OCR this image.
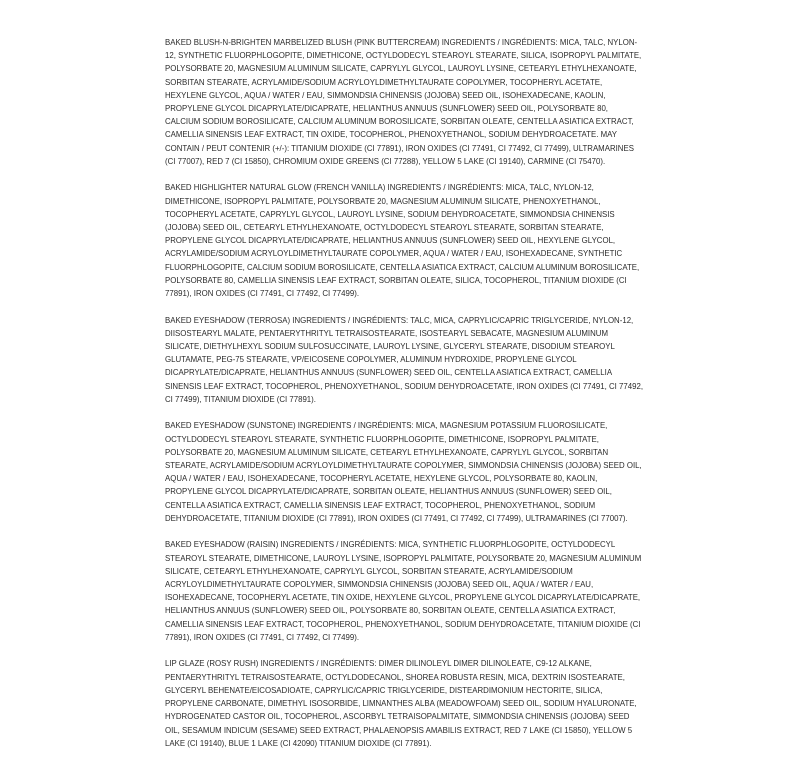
BAKED BLUSH-N-BRIGHTEN MARBELIZED BLUSH (PINK BUTTERCREAM) INGREDIENTS / INGRÉDIENTS: MICA, TALC, NYLON-12, SYNTHETIC FLUORPHLOGOPITE, DIMETHICONE, OCTYLDODECYL STEAROYL STEARATE, SILICA, ISOPROPYL PALMITATE, POLYSORBATE 20, MAGNESIUM ALUMINUM SILICATE, CAPRYLYL GLYCOL, LAUROYL LYSINE, CETEARYL ETHYLHEXANOATE, SORBITAN STEARATE, ACRYLAMIDE/SODIUM ACRYLOYLDIMETHYLTAURATE COPOLYMER, TOCOPHERYL ACETATE, HEXYLENE GLYCOL, AQUA / WATER / EAU, SIMMONDSIA CHINENSIS (JOJOBA) SEED OIL, ISOHEXADECANE, KAOLIN, PROPYLENE GLYCOL DICAPRYLATE/DICAPRATE, HELIANTHUS ANNUUS (SUNFLOWER) SEED OIL, POLYSORBATE 80, CALCIUM SODIUM BOROSILICATE, CALCIUM ALUMINUM BOROSILICATE, SORBITAN OLEATE, CENTELLA ASIATICA EXTRACT, CAMELLIA SINENSIS LEAF EXTRACT, TIN OXIDE, TOCOPHEROL, PHENOXYETHANOL, SODIUM DEHYDROACETATE. MAY CONTAIN / PEUT CONTENIR (+/-): TITANIUM DIOXIDE (CI 77891), IRON OXIDES (CI 77491, CI 77492, CI 77499), ULTRAMARINES (CI 77007), RED 7 (CI 15850), CHROMIUM OXIDE GREENS (CI 77288), YELLOW 5 LAKE (CI 19140), CARMINE (CI 75470).

BAKED HIGHLIGHTER NATURAL GLOW (FRENCH VANILLA) INGREDIENTS / INGRÉDIENTS: MICA, TALC, NYLON-12, DIMETHICONE, ISOPROPYL PALMITATE, POLYSORBATE 20, MAGNESIUM ALUMINUM SILICATE, PHENOXYETHANOL, TOCOPHERYL ACETATE, CAPRYLYL GLYCOL, LAUROYL LYSINE, SODIUM DEHYDROACETATE, SIMMONDSIA CHINENSIS (JOJOBA) SEED OIL, CETEARYL ETHYLHEXANOATE, OCTYLDODECYL STEAROYL STEARATE, SORBITAN STEARATE, PROPYLENE GLYCOL DICAPRYLATE/DICAPRATE, HELIANTHUS ANNUUS (SUNFLOWER) SEED OIL, HEXYLENE GLYCOL, ACRYLAMIDE/SODIUM ACRYLOYLDIMETHYLTAURATE COPOLYMER, AQUA / WATER / EAU, ISOHEXADECANE, SYNTHETIC FLUORPHLOGOPITE, CALCIUM SODIUM BOROSILICATE, CENTELLA ASIATICA EXTRACT, CALCIUM ALUMINUM BOROSILICATE, POLYSORBATE 80, CAMELLIA SINENSIS LEAF EXTRACT, SORBITAN OLEATE, SILICA, TOCOPHEROL, TITANIUM DIOXIDE (CI 77891), IRON OXIDES (CI 77491, CI 77492, CI 77499).

BAKED EYESHADOW (TERROSA) INGREDIENTS / INGRÉDIENTS: TALC, MICA, CAPRYLIC/CAPRIC TRIGLYCERIDE, NYLON-12, DIISOSTEARYL MALATE, PENTAERYTHRITYL TETRAISOSTEARATE, ISOSTEARYL SEBACATE, MAGNESIUM ALUMINUM SILICATE, DIETHYLHEXYL SODIUM SULFOSUCCINATE, LAUROYL LYSINE, GLYCERYL STEARATE, DISODIUM STEAROYL GLUTAMATE, PEG-75 STEARATE, VP/EICOSENE COPOLYMER, ALUMINUM HYDROXIDE, PROPYLENE GLYCOL DICAPRYLATE/DICAPRATE, HELIANTHUS ANNUUS (SUNFLOWER) SEED OIL, CENTELLA ASIATICA EXTRACT, CAMELLIA SINENSIS LEAF EXTRACT, TOCOPHEROL, PHENOXYETHANOL, SODIUM DEHYDROACETATE, IRON OXIDES (CI 77491, CI 77492, CI 77499), TITANIUM DIOXIDE (CI 77891).

BAKED EYESHADOW (SUNSTONE) INGREDIENTS / INGRÉDIENTS: MICA, MAGNESIUM POTASSIUM FLUOROSILICATE, OCTYLDODECYL STEAROYL STEARATE, SYNTHETIC FLUORPHLOGOPITE, DIMETHICONE, ISOPROPYL PALMITATE, POLYSORBATE 20, MAGNESIUM ALUMINUM SILICATE, CETEARYL ETHYLHEXANOATE, CAPRYLYL GLYCOL, SORBITAN STEARATE, ACRYLAMIDE/SODIUM ACRYLOYLDIMETHYLTAURATE COPOLYMER, SIMMONDSIA CHINENSIS (JOJOBA) SEED OIL, AQUA / WATER / EAU, ISOHEXADECANE, TOCOPHERYL ACETATE, HEXYLENE GLYCOL, POLYSORBATE 80, KAOLIN, PROPYLENE GLYCOL DICAPRYLATE/DICAPRATE, SORBITAN OLEATE, HELIANTHUS ANNUUS (SUNFLOWER) SEED OIL, CENTELLA ASIATICA EXTRACT, CAMELLIA SINENSIS LEAF EXTRACT, TOCOPHEROL, PHENOXYETHANOL, SODIUM DEHYDROACETATE, TITANIUM DIOXIDE (CI 77891), IRON OXIDES (CI 77491, CI 77492, CI 77499), ULTRAMARINES (CI 77007).

BAKED EYESHADOW (RAISIN) INGREDIENTS / INGRÉDIENTS: MICA, SYNTHETIC FLUORPHLOGOPITE, OCTYLDODECYL STEAROYL STEARATE, DIMETHICONE, LAUROYL LYSINE, ISOPROPYL PALMITATE, POLYSORBATE 20, MAGNESIUM ALUMINUM SILICATE, CETEARYL ETHYLHEXANOATE, CAPRYLYL GLYCOL, SORBITAN STEARATE, ACRYLAMIDE/SODIUM ACRYLOYLDIMETHYLTAURATE COPOLYMER, SIMMONDSIA CHINENSIS (JOJOBA) SEED OIL, AQUA / WATER / EAU, ISOHEXADECANE, TOCOPHERYL ACETATE, TIN OXIDE, HEXYLENE GLYCOL, PROPYLENE GLYCOL DICAPRYLATE/DICAPRATE, HELIANTHUS ANNUUS (SUNFLOWER) SEED OIL, POLYSORBATE 80, SORBITAN OLEATE, CENTELLA ASIATICA EXTRACT, CAMELLIA SINENSIS LEAF EXTRACT, TOCOPHEROL, PHENOXYETHANOL, SODIUM DEHYDROACETATE, TITANIUM DIOXIDE (CI 77891), IRON OXIDES (CI 77491, CI 77492, CI 77499).

LIP GLAZE (ROSY RUSH) INGREDIENTS / INGRÉDIENTS: DIMER DILINOLEYL DIMER DILINOLEATE, C9-12 ALKANE, PENTAERYTHRITYL TETRAISOSTEARATE, OCTYLDODECANOL, SHOREA ROBUSTA RESIN, MICA, DEXTRIN ISOSTEARATE, GLYCERYL BEHENATE/EICOSADIOATE, CAPRYLIC/CAPRIC TRIGLYCERIDE, DISTEARDIMONIUM HECTORITE, SILICA, PROPYLENE CARBONATE, DIMETHYL ISOSORBIDE, LIMNANTHES ALBA (MEADOWFOAM) SEED OIL, SODIUM HYALURONATE, HYDROGENATED CASTOR OIL, TOCOPHEROL, ASCORBYL TETRAISOPALMITATE, SIMMONDSIA CHINENSIS (JOJOBA) SEED OIL, SESAMUM INDICUM (SESAME) SEED EXTRACT, PHALAENOPSIS AMABILIS EXTRACT, RED 7 LAKE (CI 15850), YELLOW 5 LAKE (CI 19140), BLUE 1 LAKE (CI 42090) TITANIUM DIOXIDE (CI 77891).
